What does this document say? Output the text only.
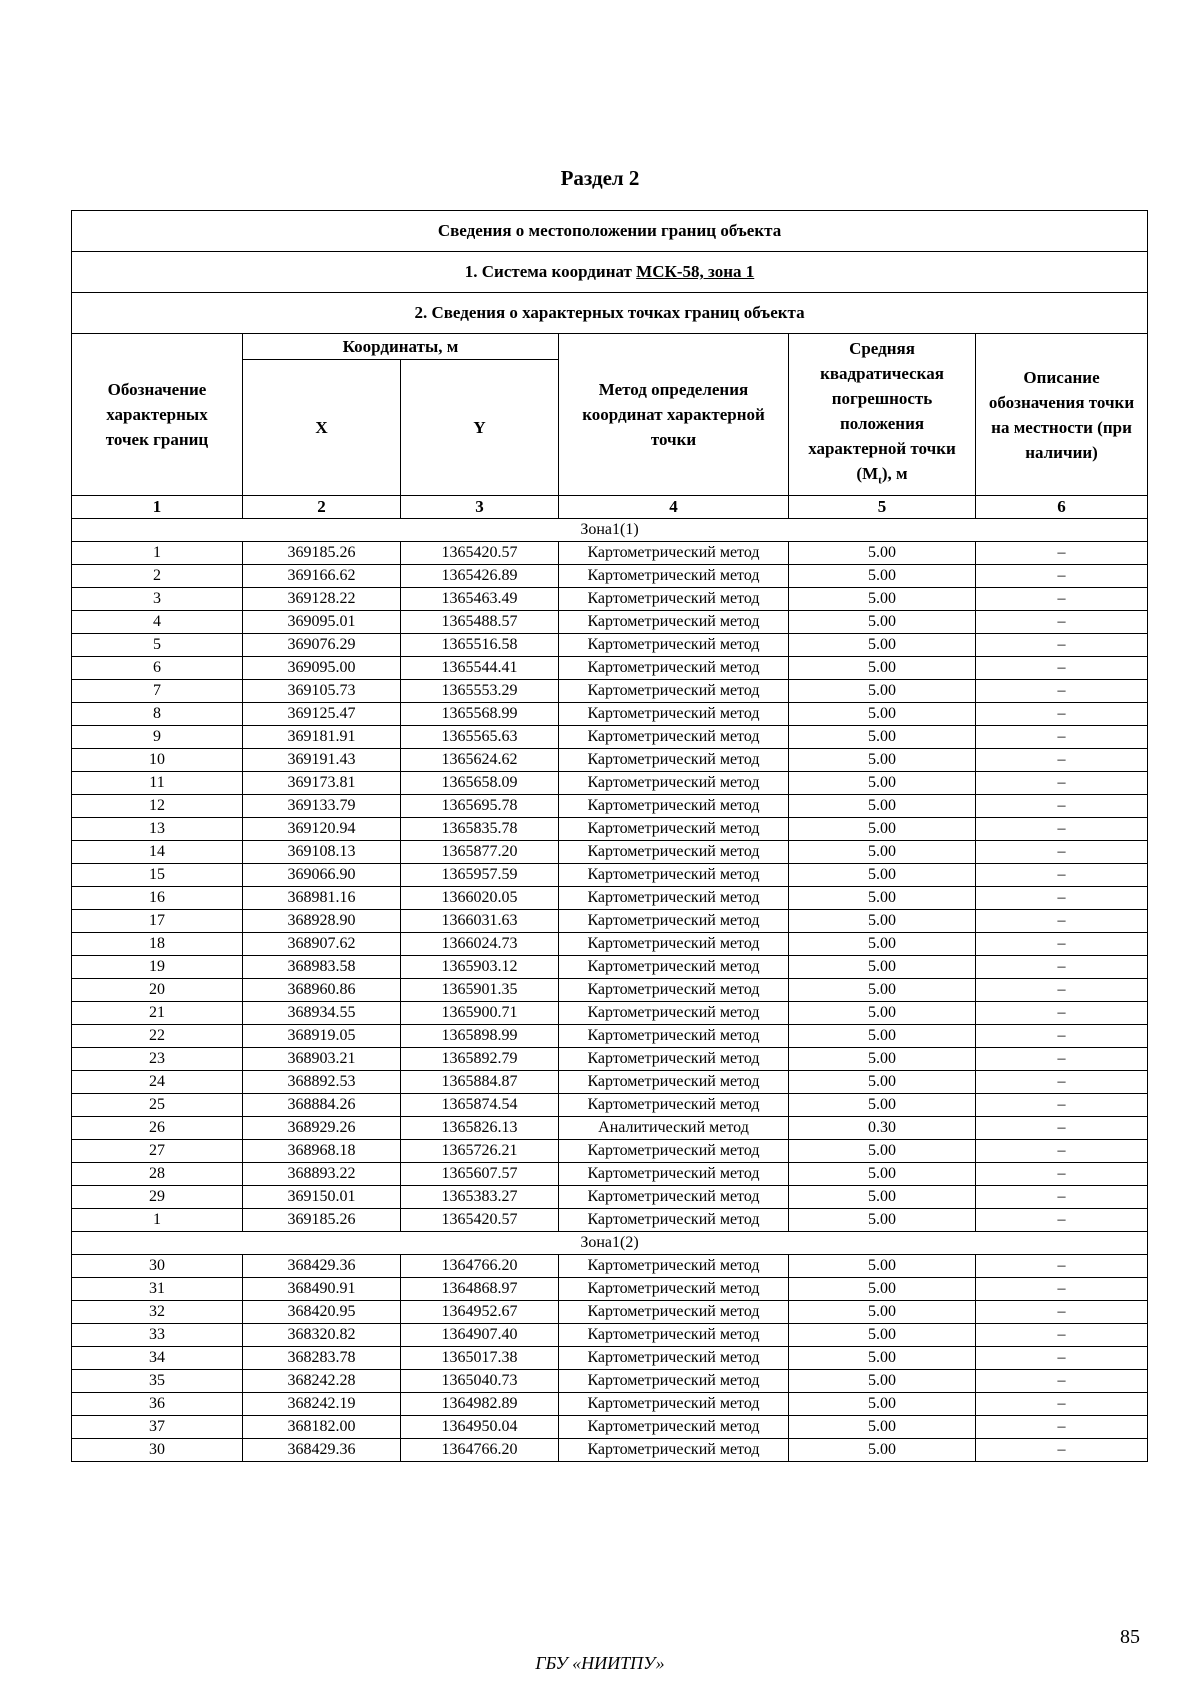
Раздел 2
Сведения о местоположении границ объекта					
1. Система координат МСК-58, зона 1					
2. Сведения о характерных точках границ объекта					
Обозначение характерных точек границ	Координаты, м		Метод определения координат характерной точки	Средняя квадратическая погрешность положения характерной точки $(M_t)$, м	Описание обозначения точки на местности (при наличии)
	X	Y			
1	2	3	4	5	6
Зона1(1)					
1	369185.26	1365420.57	Картометрический метод	5.00	–
2	369166.62	1365426.89	Картометрический метод	5.00	–
3	369128.22	1365463.49	Картометрический метод	5.00	–
4	369095.01	1365488.57	Картометрический метод	5.00	–
5	369076.29	1365516.58	Картометрический метод	5.00	–
6	369095.00	1365544.41	Картометрический метод	5.00	–
7	369105.73	1365553.29	Картометрический метод	5.00	–
8	369125.47	1365568.99	Картометрический метод	5.00	–
9	369181.91	1365565.63	Картометрический метод	5.00	–
10	369191.43	1365624.62	Картометрический метод	5.00	–
11	369173.81	1365658.09	Картометрический метод	5.00	–
12	369133.79	1365695.78	Картометрический метод	5.00	–
13	369120.94	1365835.78	Картометрический метод	5.00	–
14	369108.13	1365877.20	Картометрический метод	5.00	–
15	369066.90	1365957.59	Картометрический метод	5.00	–
16	368981.16	1366020.05	Картометрический метод	5.00	–
17	368928.90	1366031.63	Картометрический метод	5.00	–
18	368907.62	1366024.73	Картометрический метод	5.00	–
19	368983.58	1365903.12	Картометрический метод	5.00	–
20	368960.86	1365901.35	Картометрический метод	5.00	–
21	368934.55	1365900.71	Картометрический метод	5.00	–
22	368919.05	1365898.99	Картометрический метод	5.00	–
23	368903.21	1365892.79	Картометрический метод	5.00	–
24	368892.53	1365884.87	Картометрический метод	5.00	–
25	368884.26	1365874.54	Картометрический метод	5.00	–
26	368929.26	1365826.13	Аналитический метод	0.30	–
27	368968.18	1365726.21	Картометрический метод	5.00	–
28	368893.22	1365607.57	Картометрический метод	5.00	–
29	369150.01	1365383.27	Картометрический метод	5.00	–
1	369185.26	1365420.57	Картометрический метод	5.00	–
Зона1(2)					
30	368429.36	1364766.20	Картометрический метод	5.00	–
31	368490.91	1364868.97	Картометрический метод	5.00	–
32	368420.95	1364952.67	Картометрический метод	5.00	–
33	368320.82	1364907.40	Картометрический метод	5.00	–
34	368283.78	1365017.38	Картометрический метод	5.00	–
35	368242.28	1365040.73	Картометрический метод	5.00	–
36	368242.19	1364982.89	Картометрический метод	5.00	–
37	368182.00	1364950.04	Картометрический метод	5.00	–
30	368429.36	1364766.20	Картометрический метод	5.00	–
85
ГБУ «НИИТПУ»
